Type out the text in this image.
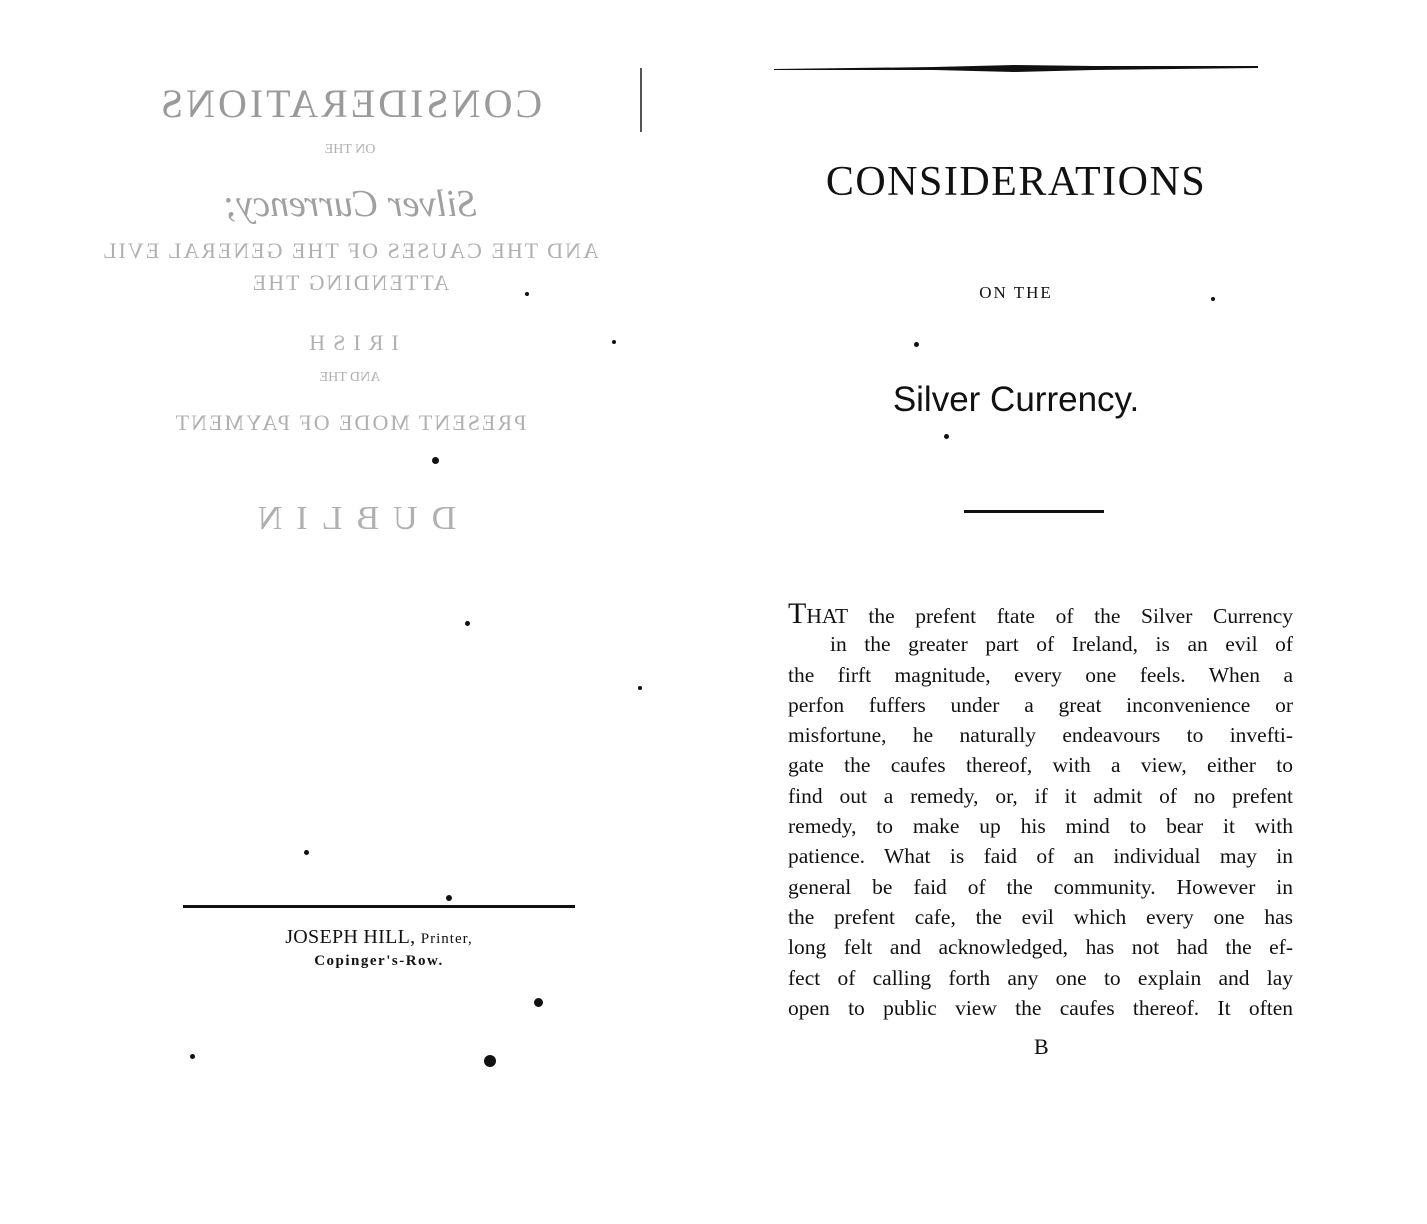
CONSIDERATIONS
ON THE
Silver Currency;
AND THE CAUSES OF THE GENERAL EVIL
ATTENDING THE
IRISH
AND THE
PRESENT MODE OF PAYMENT
DUBLIN
JOSEPH HILL, Printer,
Copinger's-Row.
CONSIDERATIONS
ON THE
Silver Currency.
THAT the prefent ftate of the Silver Currency
in the greater part of Ireland, is an evil of
the firft magnitude, every one feels. When a
perfon fuffers under a great inconvenience or
misfortune, he naturally endeavours to invefti-
gate the caufes thereof, with a view, either to
find out a remedy, or, if it admit of no prefent
remedy, to make up his mind to bear it with
patience. What is faid of an individual may in
general be faid of the community. However in
the prefent cafe, the evil which every one has
long felt and acknowledged, has not had the ef-
fect of calling forth any one to explain and lay
open to public view the caufes thereof. It often
B
